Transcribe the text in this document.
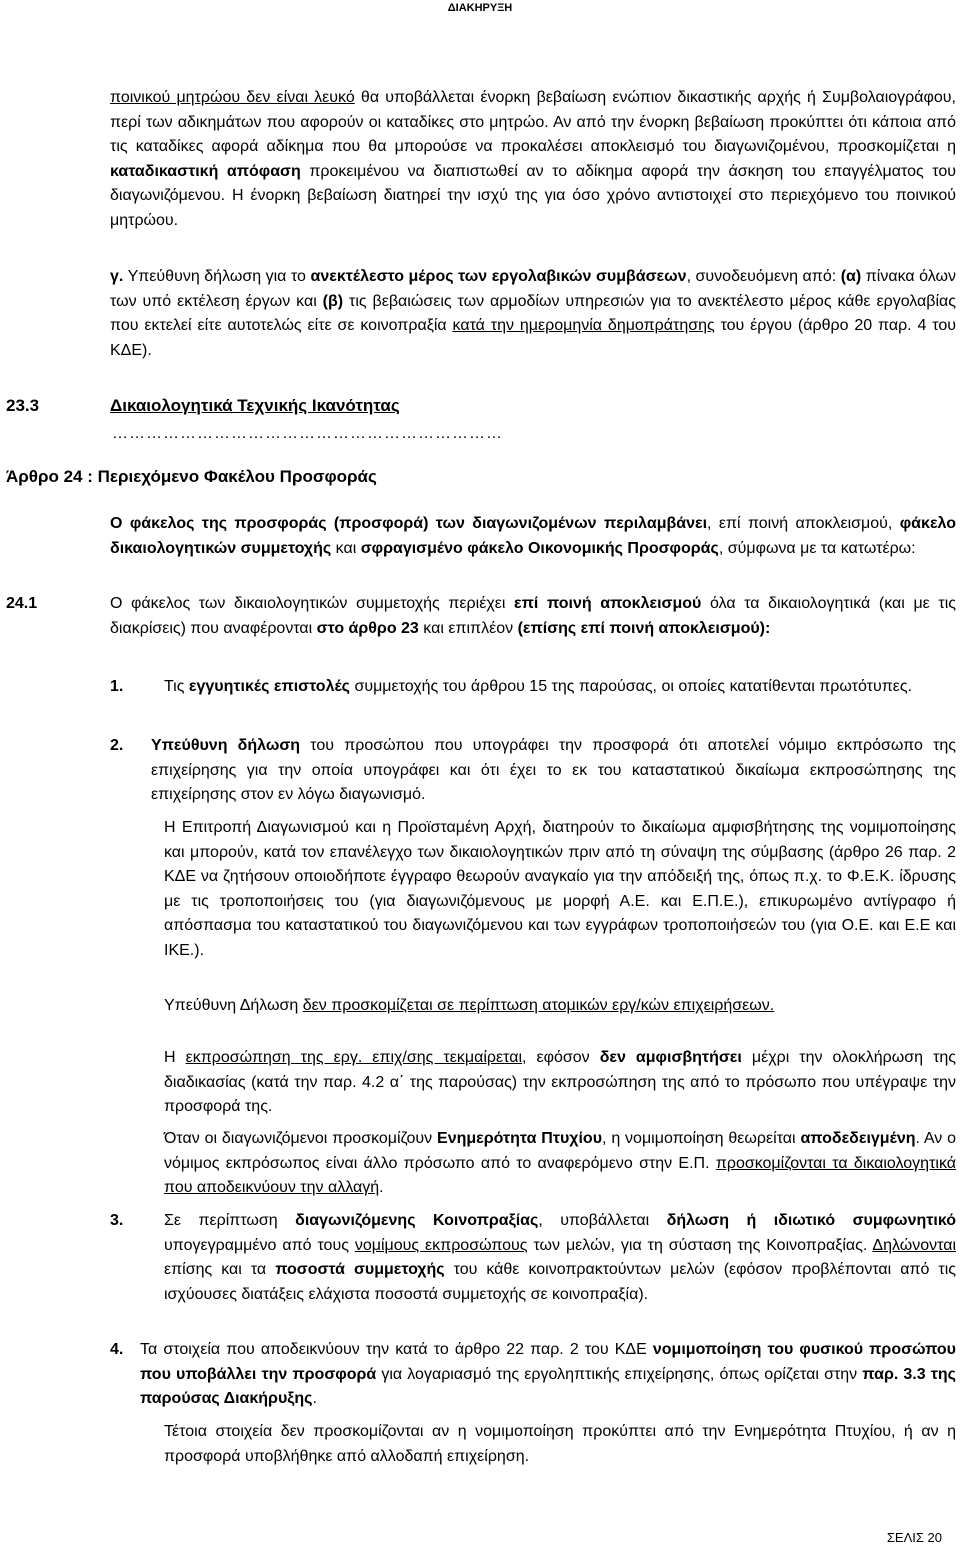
ΔΙΑΚΗΡΥΞΗ
ποινικού μητρώου δεν είναι λευκό θα υποβάλλεται ένορκη βεβαίωση ενώπιον δικαστικής αρχής ή Συμβολαιογράφου, περί των αδικημάτων που αφορούν οι καταδίκες στο μητρώο. Αν από την ένορκη βεβαίωση προκύπτει ότι κάποια από τις καταδίκες αφορά αδίκημα που θα μπορούσε να προκαλέσει αποκλεισμό του διαγωνιζομένου, προσκομίζεται η καταδικαστική απόφαση προκειμένου να διαπιστωθεί αν το αδίκημα αφορά την άσκηση του επαγγέλματος του διαγωνιζόμενου. Η ένορκη βεβαίωση διατηρεί την ισχύ της για όσο χρόνο αντιστοιχεί στο περιεχόμενο του ποινικού μητρώου.
γ. Υπεύθυνη δήλωση για το ανεκτέλεστο μέρος των εργολαβικών συμβάσεων, συνοδευόμενη από: (α) πίνακα όλων των υπό εκτέλεση έργων και (β) τις βεβαιώσεις των αρμοδίων υπηρεσιών για το ανεκτέλεστο μέρος κάθε εργολαβίας που εκτελεί είτε αυτοτελώς είτε σε κοινοπραξία κατά την ημερομηνία δημοπράτησης του έργου (άρθρο 20 παρ. 4 του ΚΔΕ).
23.3	Δικαιολογητικά Τεχνικής Ικανότητας
……………………………………………………………
Άρθρο 24 : Περιεχόμενο Φακέλου Προσφοράς
Ο φάκελος της προσφοράς (προσφορά) των διαγωνιζομένων περιλαμβάνει, επί ποινή αποκλεισμού, φάκελο δικαιολογητικών συμμετοχής και σφραγισμένο φάκελο Οικονομικής Προσφοράς, σύμφωνα με τα κατωτέρω:
24.1	Ο φάκελος των δικαιολογητικών συμμετοχής περιέχει επί ποινή αποκλεισμού όλα τα δικαιολογητικά (και με τις διακρίσεις) που αναφέρονται στο άρθρο 23 και επιπλέον (επίσης επί ποινή αποκλεισμού):
1.	Τις εγγυητικές επιστολές συμμετοχής του άρθρου 15 της παρούσας, οι οποίες κατατίθενται πρωτότυπες.
2. Υπεύθυνη δήλωση του προσώπου που υπογράφει την προσφορά ότι αποτελεί νόμιμο εκπρόσωπο της επιχείρησης για την οποία υπογράφει και ότι έχει το εκ του καταστατικού δικαίωμα εκπροσώπησης της επιχείρησης στον εν λόγω διαγωνισμό.
Η Επιτροπή Διαγωνισμού και η Προϊσταμένη Αρχή, διατηρούν το δικαίωμα αμφισβήτησης της νομιμοποίησης και μπορούν, κατά τον επανέλεγχο των δικαιολογητικών πριν από τη σύναψη της σύμβασης (άρθρο 26 παρ. 2 ΚΔΕ να ζητήσουν οποιοδήποτε έγγραφο θεωρούν αναγκαίο για την απόδειξή της, όπως π.χ. το Φ.Ε.Κ. ίδρυσης με τις τροποποιήσεις του (για διαγωνιζόμενους με μορφή Α.Ε. και Ε.Π.Ε.), επικυρωμένο αντίγραφο ή απόσπασμα του καταστατικού του διαγωνιζόμενου και των εγγράφων τροποποιήσεών του (για Ο.Ε. και Ε.Ε και ΙΚΕ.).
Υπεύθυνη Δήλωση δεν προσκομίζεται σε περίπτωση ατομικών εργ/κών επιχειρήσεων.
Η εκπροσώπηση της εργ. επιχ/σης τεκμαίρεται, εφόσον δεν αμφισβητήσει μέχρι την ολοκλήρωση της διαδικασίας (κατά την παρ. 4.2 α΄ της παρούσας) την εκπροσώπηση της από το πρόσωπο που υπέγραψε την προσφορά της.
Όταν οι διαγωνιζόμενοι προσκομίζουν Ενημερότητα Πτυχίου, η νομιμοποίηση θεωρείται αποδεδειγμένη. Αν ο νόμιμος εκπρόσωπος είναι άλλο πρόσωπο από το αναφερόμενο στην Ε.Π. προσκομίζονται τα δικαιολογητικά που αποδεικνύουν την αλλαγή.
3.	Σε περίπτωση διαγωνιζόμενης Κοινοπραξίας, υποβάλλεται δήλωση ή ιδιωτικό συμφωνητικό υπογεγραμμένο από τους νομίμους εκπροσώπους των μελών, για τη σύσταση της Κοινοπραξίας. Δηλώνονται επίσης και τα ποσοστά συμμετοχής του κάθε κοινοπρακτούντων μελών (εφόσον προβλέπονται από τις ισχύουσες διατάξεις ελάχιστα ποσοστά συμμετοχής σε κοινοπραξία).
4. Τα στοιχεία που αποδεικνύουν την κατά το άρθρο 22 παρ. 2 του ΚΔΕ νομιμοποίηση του φυσικού προσώπου που υποβάλλει την προσφορά για λογαριασμό της εργοληπτικής επιχείρησης, όπως ορίζεται στην παρ. 3.3 της παρούσας Διακήρυξης.
Τέτοια στοιχεία δεν προσκομίζονται αν η νομιμοποίηση προκύπτει από την Ενημερότητα Πτυχίου, ή αν η προσφορά υποβλήθηκε από αλλοδαπή επιχείρηση.
ΣΕΛΙΣ 20
